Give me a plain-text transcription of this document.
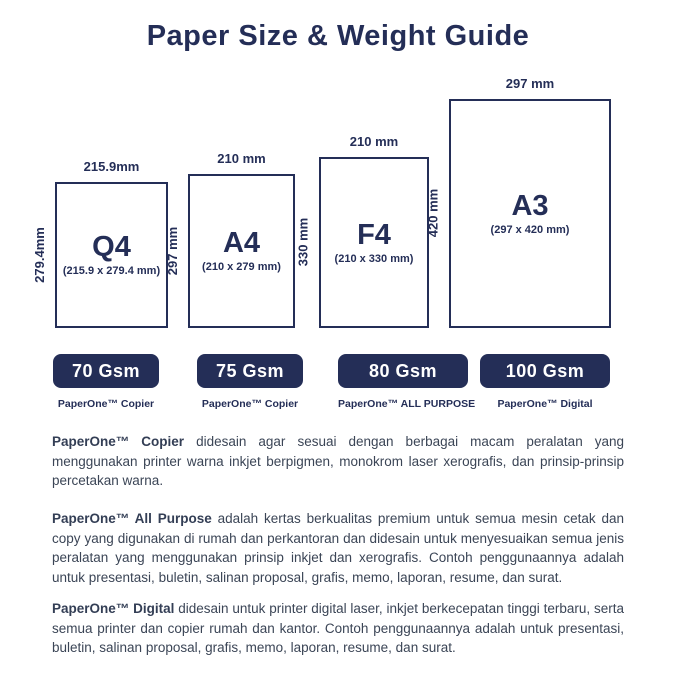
Paper Size & Weight Guide
215.9mm
279.4mm Q4
(215.9 x 279.4 mm)
210 mm
297 mm A4
(210 x 279 mm)
210 mm
330 mm F4
(210 x 330 mm)
297 mm
420 mm A3
(297 x 420 mm)
70 Gsm
PaperOne™ Copier
75 Gsm
PaperOne™ Copier
80 Gsm
PaperOne™ ALL PURPOSE
100 Gsm
PaperOne™ Digital

PaperOne™ Copier didesain agar sesuai dengan berbagai macam peralatan yang menggunakan printer warna inkjet berpigmen, monokrom laser xerografis, dan prinsip-prinsip percetakan warna.

PaperOne™ All Purpose adalah kertas berkualitas premium untuk semua mesin cetak dan copy yang digunakan di rumah dan perkantoran dan didesain untuk menyesuaikan semua jenis peralatan yang menggunakan prinsip inkjet dan xerografis. Contoh penggunaannya adalah untuk presentasi, buletin, salinan proposal, grafis, memo, laporan, resume, dan surat.

PaperOne™ Digital didesain untuk printer digital laser, inkjet berkecepatan tinggi terbaru, serta semua printer dan copier rumah dan kantor. Contoh penggunaannya adalah untuk presentasi, buletin, salinan proposal, grafis, memo, laporan, resume, dan surat.
